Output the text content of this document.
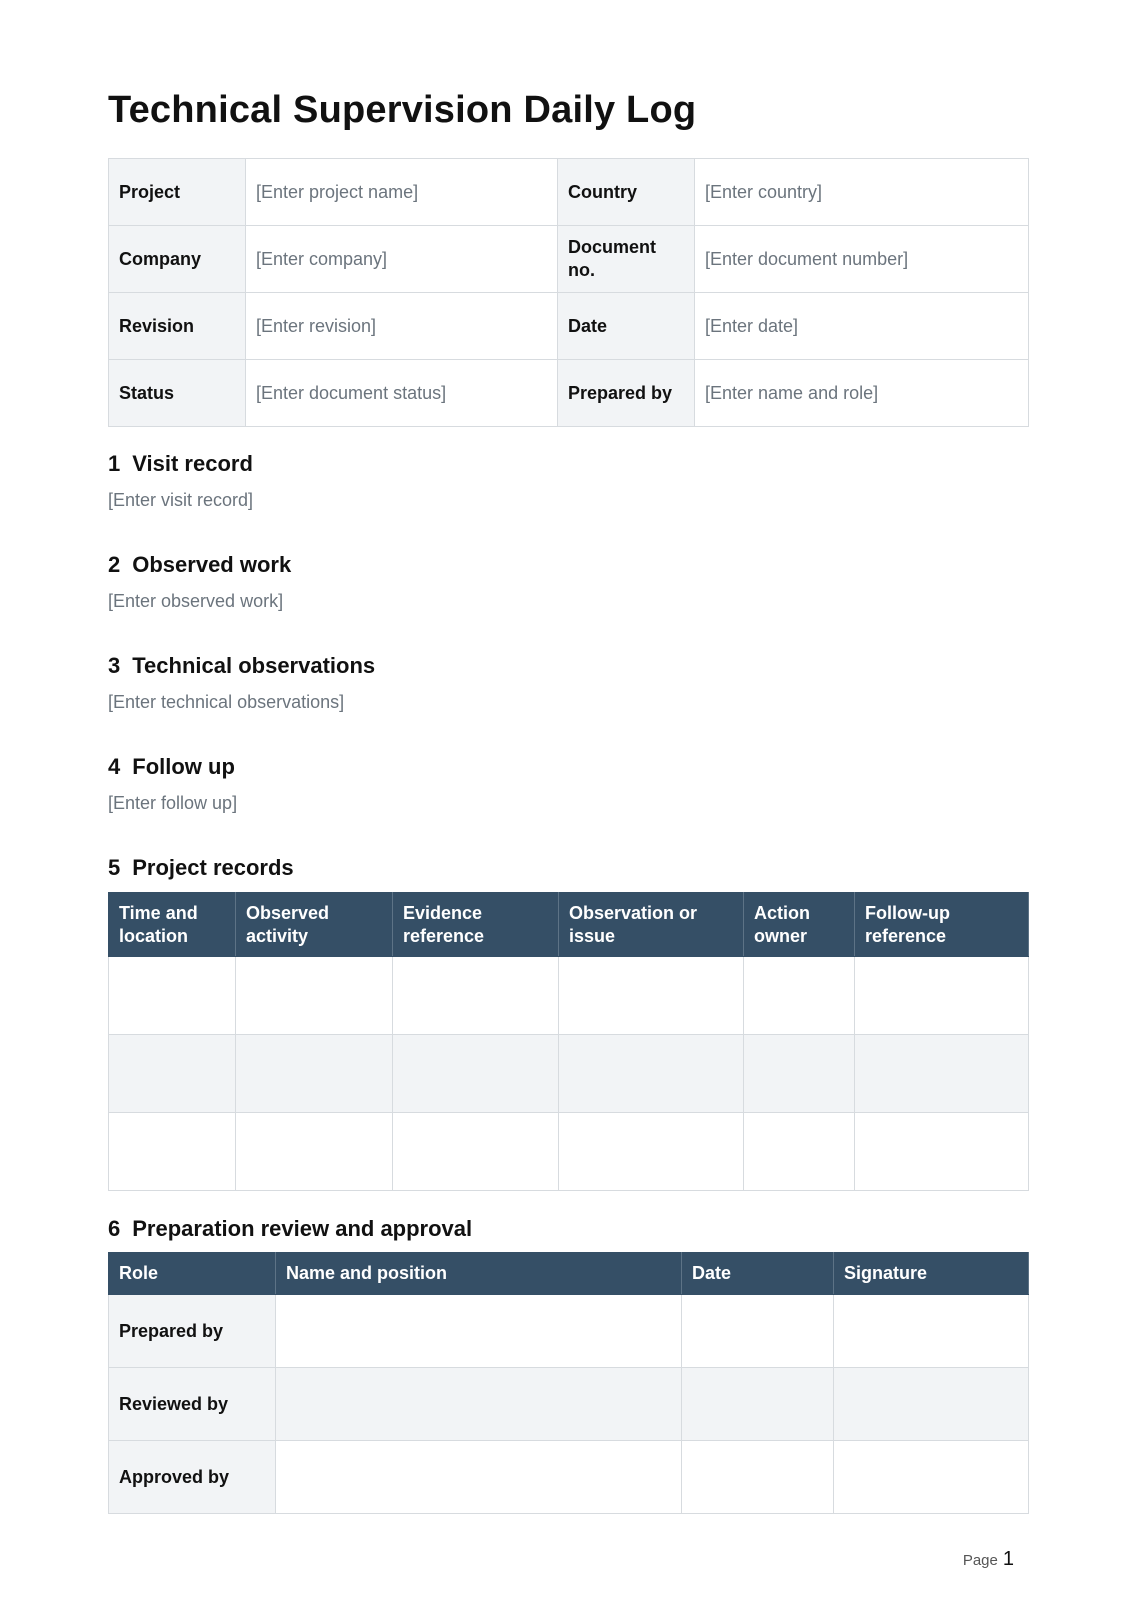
Technical Supervision Daily Log
Project	[Enter project name]	Country	[Enter country]
Company	[Enter company]	Document no.	[Enter document number]
Revision	[Enter revision]	Date	[Enter date]
Status	[Enter document status]	Prepared by	[Enter name and role]
1 Visit record
[Enter visit record]
2 Observed work
[Enter observed work]
3 Technical observations
[Enter technical observations]
4 Follow up
[Enter follow up]
5 Project records
Time and location	Observed activity	Evidence reference	Observation or issue	Action owner	Follow-up reference

6 Preparation review and approval
Role	Name and position	Date	Signature
Prepared by			
Reviewed by			
Approved by			
Page 1
